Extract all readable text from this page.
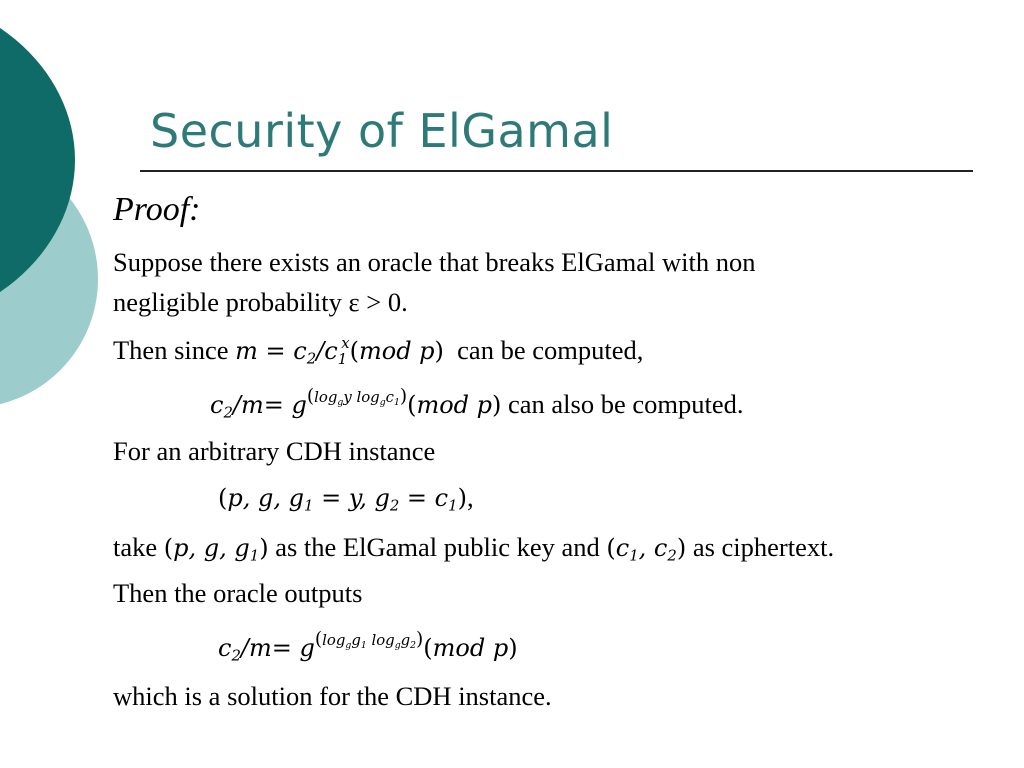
Security of ElGamal
Proof:
Suppose there exists an oracle that breaks ElGamal with non
negligible probability ε > 0.
Then since $m = c_2/c_1^x(mod$ p) can be computed,
$c_2/m= g^{(log_gy log_gc_1)}(mod$ p) can also be computed.
For an arbitrary CDH instance
(p, g, $g_1 = y$, $g_2 = c_1$),
take (p, g, $g_1$) as the ElGamal public key and ($c_1$, $c_2$) as ciphertext.
Then the oracle outputs
$c_2/m= g^{(log_gg_1 log_gg_2)}(mod$ p)
which is a solution for the CDH instance.
